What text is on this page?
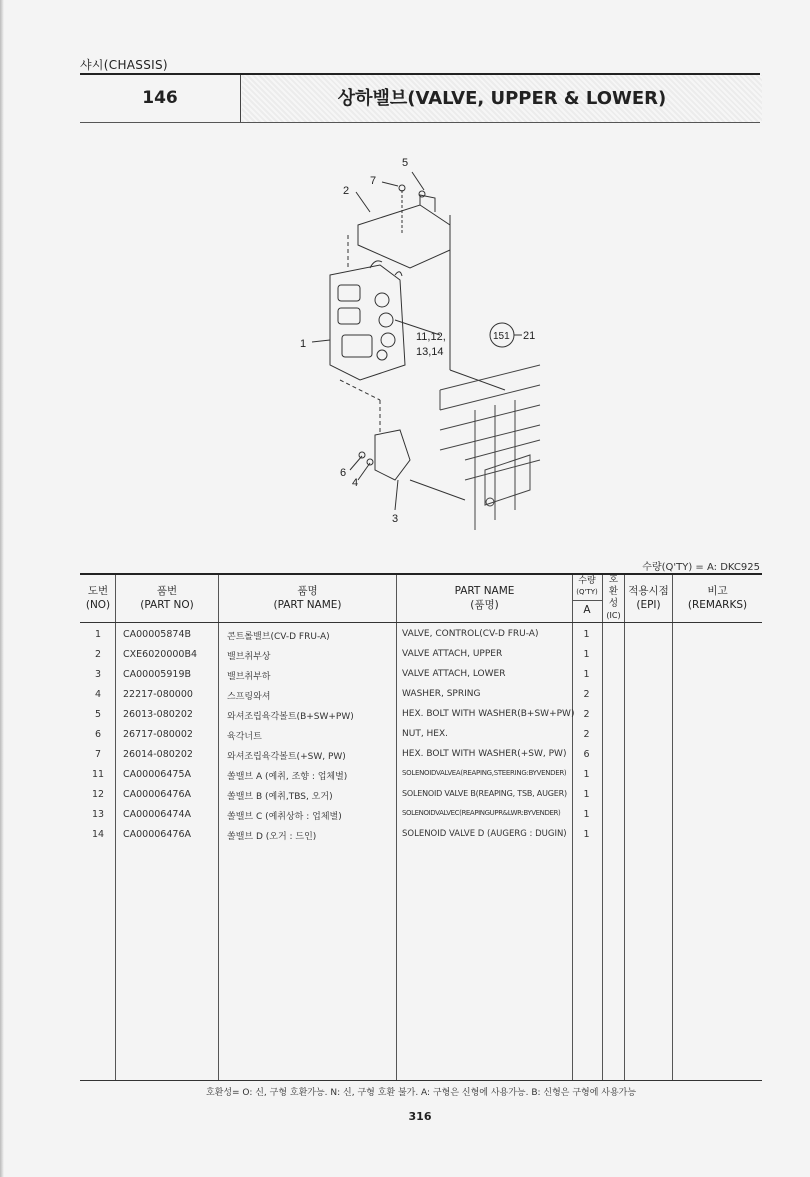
샤시(CHASSIS)
146	상하밸브(VALVE, UPPER & LOWER)
5
7
2
1
11,12,
13,14
151 21
6
4
3
수량(Q'TY) = A: DKC925
도번
(NO)
품번
(PART NO)
품명
(PART NAME)
PART NAME
(품명)
수량
(Q'TY)
A
호
환
성
(IC)
적용시점
(EPI)
비고
(REMARKS)
1	CA00005874B	콘트롤밸브(CV-D FRU-A)	VALVE, CONTROL(CV-D FRU-A)	1
2	CXE6020000B4	밸브취부상	VALVE ATTACH, UPPER	1
3	CA00005919B	밸브취부하	VALVE ATTACH, LOWER	1
4	22217-080000	스프링와셔	WASHER, SPRING	2
5	26013-080202	와셔조립육각볼트(B+SW+PW)	HEX. BOLT WITH WASHER(B+SW+PW) 2
6	26717-080002	육각너트	NUT, HEX.	2
7	26014-080202	와셔조립육각볼트(+SW, PW)	HEX. BOLT WITH WASHER(+SW, PW)	6
11	CA00006475A	쏠밸브 A (예취, 조향 : 업체별)	SOLENOIDVALVEA(REAPING,STEERING:BYVENDER)	1
12	CA00006476A	쏠밸브 B (예취,TBS, 오거)	SOLENOID VALVE B(REAPING, TSB, AUGER)	1
13	CA00006474A	쏠밸브 C (예취상하 : 업체별)	SOLENOIDVALVEC(REAPINGUPR&LWR:BYVENDER)	1
14	CA00006476A	쏠밸브 D (오거 : 드인)	SOLENOID VALVE D (AUGERG : DUGIN)	1
호환성= O: 신, 구형 호환가능. N: 신, 구형 호환 불가. A: 구형은 신형에 사용가능. B: 신형은 구형에 사용가능
316
